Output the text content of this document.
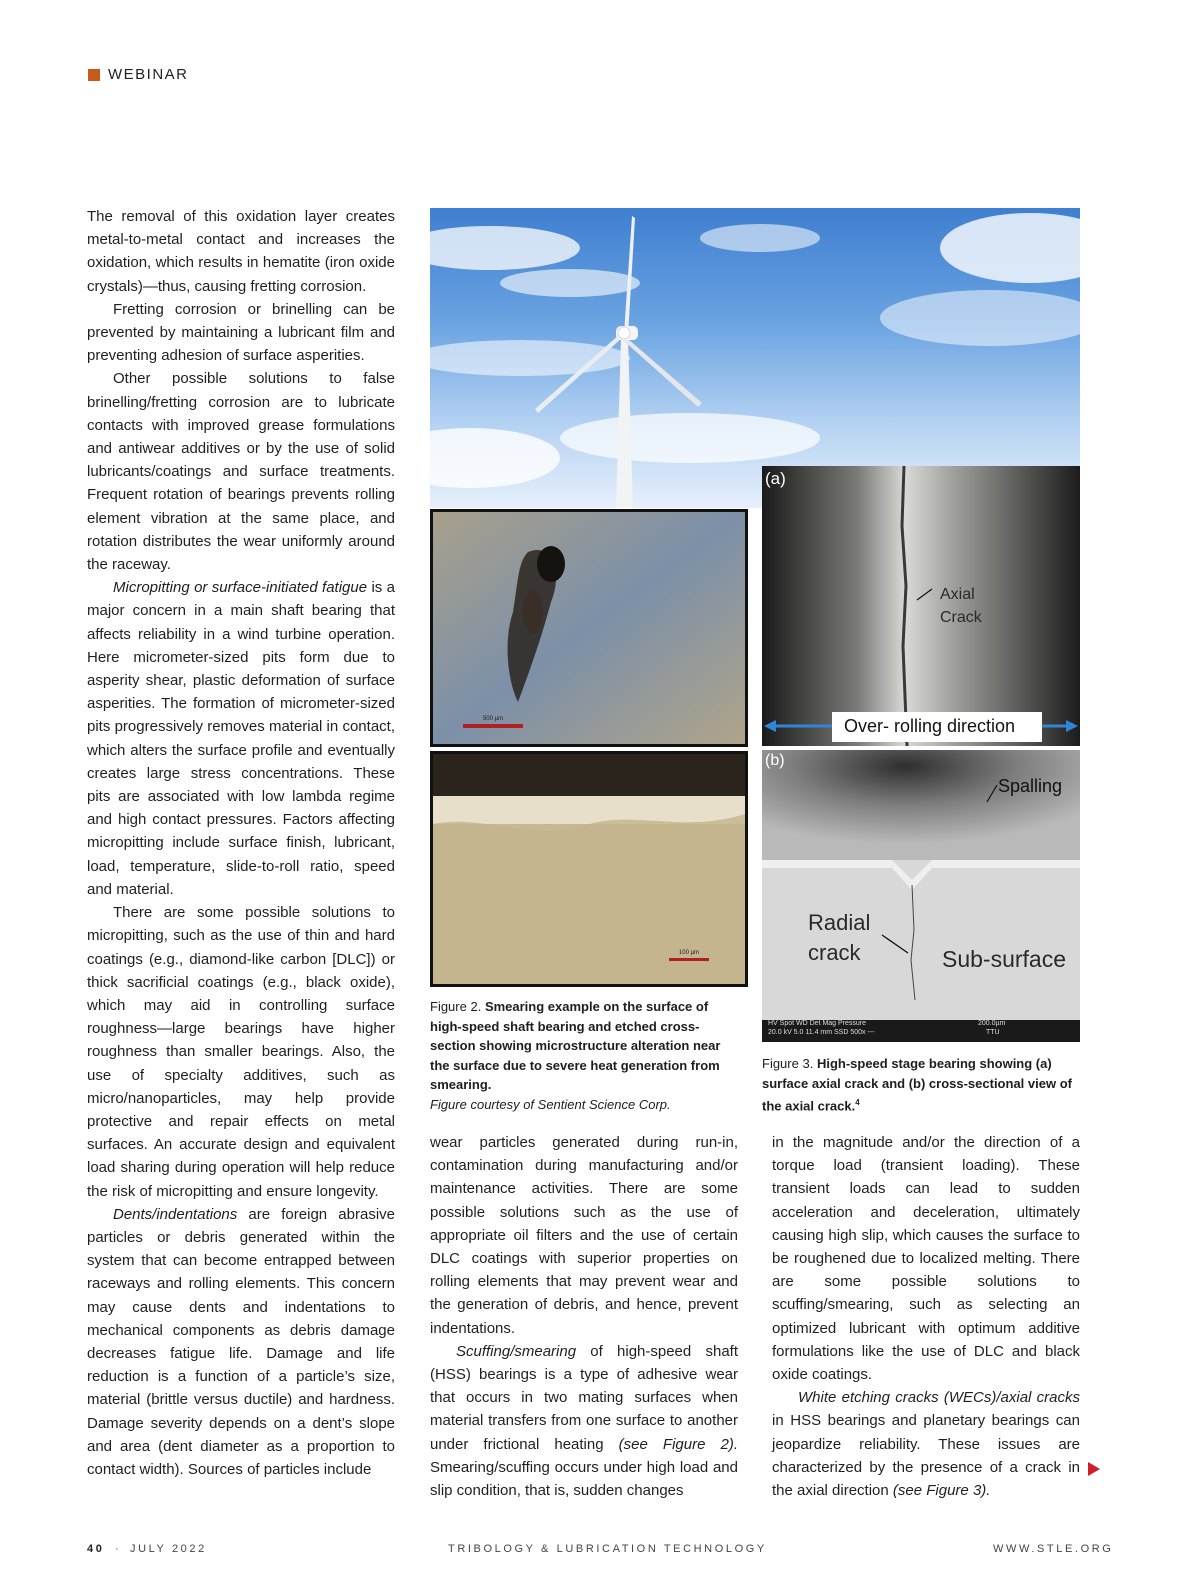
WEBINAR

The removal of this oxidation layer creates metal-to-metal contact and increases the oxidation, which results in hematite (iron oxide crystals)—thus, causing fretting corrosion.

Fretting corrosion or brinelling can be prevented by maintaining a lubricant film and preventing adhesion of surface asperities.

Other possible solutions to false brinelling/fretting corrosion are to lubricate contacts with improved grease formulations and antiwear additives or by the use of solid lubricants/coatings and surface treatments. Frequent rotation of bearings prevents rolling element vibration at the same place, and rotation distributes the wear uniformly around the raceway.

Micropitting or surface-initiated fatigue is a major concern in a main shaft bearing that affects reliability in a wind turbine operation. Here micrometer-sized pits form due to asperity shear, plastic deformation of surface asperities. The formation of micrometer-sized pits progressively removes material in contact, which alters the surface profile and eventually creates large stress concentrations. These pits are associated with low lambda regime and high contact pressures. Factors affecting micropitting include surface finish, lubricant, load, temperature, slide-to-roll ratio, speed and material.

There are some possible solutions to micropitting, such as the use of thin and hard coatings (e.g., diamond-like carbon [DLC]) or thick sacrificial coatings (e.g., black oxide), which may aid in controlling surface roughness—large bearings have higher roughness than smaller bearings. Also, the use of specialty additives, such as micro/nanoparticles, may help provide protective and repair effects on metal surfaces. An accurate design and equivalent load sharing during operation will help reduce the risk of micropitting and ensure longevity.

Dents/indentations are foreign abrasive particles or debris generated within the system that can become entrapped between raceways and rolling elements. This concern may cause dents and indentations to mechanical components as debris damage decreases fatigue life. Damage and life reduction is a function of a particle’s size, material (brittle versus ductile) and hardness. Damage severity depends on a dent’s slope and area (dent diameter as a proportion to contact width). Sources of particles include

500 µm
100 µm
Figure 2. Smearing example on the surface of high-speed shaft bearing and etched cross-section showing microstructure alteration near the surface due to severe heat generation from smearing.
Figure courtesy of Sentient Science Corp.
(a)
Axial
Crack
Over- rolling direction
(b)
Spalling
Radial
crack	Sub-surface
HV Spot WD Det Mag Pressure
20.0 kV 5.0 11.4 mm SSD 500x ---
200.0µm
TTU
Figure 3. High-speed stage bearing showing (a) surface axial crack and (b) cross-sectional view of the axial crack.$^4$

wear particles generated during run-in, contamination during manufacturing and/or maintenance activities. There are some possible solutions such as the use of appropriate oil filters and the use of certain DLC coatings with superior properties on rolling elements that may prevent wear and the generation of debris, and hence, prevent indentations.

Scuffing/smearing of high-speed shaft (HSS) bearings is a type of adhesive wear that occurs in two mating surfaces when material transfers from one surface to another under frictional heating (see Figure 2). Smearing/scuffing occurs under high load and slip condition, that is, sudden changes

in the magnitude and/or the direction of a torque load (transient loading). These transient loads can lead to sudden acceleration and deceleration, ultimately causing high slip, which causes the surface to be roughened due to localized melting. There are some possible solutions to scuffing/smearing, such as selecting an optimized lubricant with optimum additive formulations like the use of DLC and black oxide coatings.

White etching cracks (WECs)/axial cracks in HSS bearings and planetary bearings can jeopardize reliability. These issues are characterized by the presence of a crack in the axial direction (see Figure 3).

40 · JULY 2022	TRIBOLOGY & LUBRICATION TECHNOLOGY	WWW.STLE.ORG
